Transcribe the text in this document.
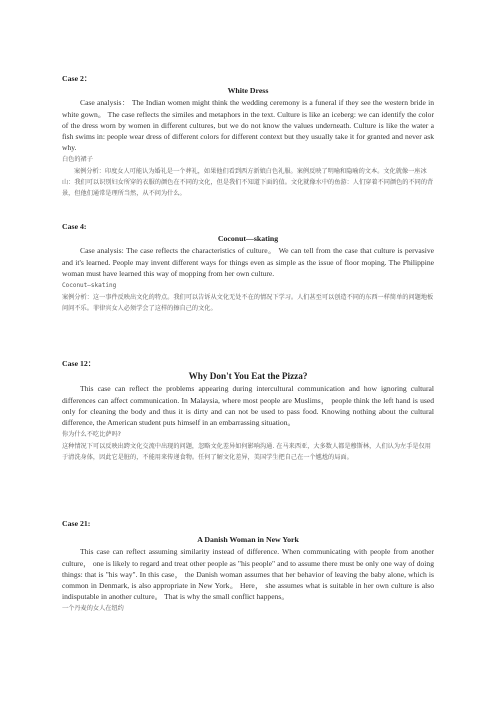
Case 2：
White Dress

Case analysis： The Indian women might think the wedding ceremony is a funeral if they see the western bride in white gown。 The case reflects the similes and metaphors in the text. Culture is like an iceberg: we can identify the color of the dress worn by women in different cultures, but we do not know the values underneath. Culture is like the water a fish swims in: people wear dress of different colors for different context but they usually take it for granted and never ask why.

白色的裙子

案例分析：印度女人可能认为婚礼是一个葬礼，如果他们看到西方新娘白色礼服。案例反映了明喻和隐喻的文本。文化就像一座冰山：我们可以识别妇女所穿的衣服的颜色在不同的文化，但是我们不知道下面的值。文化就像水中的鱼游：人们穿着不同颜色的不同的背景，但他们通常是理所当然，从不问为什么。

Case 4:
Coconut—skating

Case analysis: The case reflects the characteristics of culture。 We can tell from the case that culture is pervasive and it's learned. People may invent different ways for things even as simple as the issue of floor moping. The Philippine woman must have learned this way of mopping from her own culture.

Coconut—skating

案例分析：这一事件反映出文化的特点。我们可以告诉从文化无处不在的情况下学习。人们甚至可以创造不同的东西一样简单的问题地板问问不乐。菲律宾女人必须学会了这样的擦自己的文化。

Case 12：
Why Don't You Eat the Pizza?

This case can reflect the problems appearing during intercultural communication and how ignoring cultural differences can affect communication. In Malaysia, where most people are Muslims， people think the left hand is used only for cleaning the body and thus it is dirty and can not be used to pass food. Knowing nothing about the cultural difference, the American student puts himself in an embarrassing situation。

你为什么不吃比萨吗?

这种情况下可以反映出跨文化交流中出现的问题，忽略文化差异如何影响沟通. 在马来西亚，大多数人都是穆斯林，人们认为左手是仅用于清洗身体，因此它是脏的，不能用来传递食物。任何了解文化差异，美国学生把自己在一个尴尬的局面。

Case 21:
A Danish Woman in New York

This case can reflect assuming similarity instead of difference. When communicating with people from another culture， one is likely to regard and treat other people as "his people" and to assume there must be only one way of doing things: that is "his way". In this case， the Danish woman assumes that her behavior of leaving the baby alone, which is common in Denmark, is also appropriate in New York。 Here， she assumes what is suitable in her own culture is also indisputable in another culture。 That is why the small conflict happens。

一个丹麦的女人在纽约
